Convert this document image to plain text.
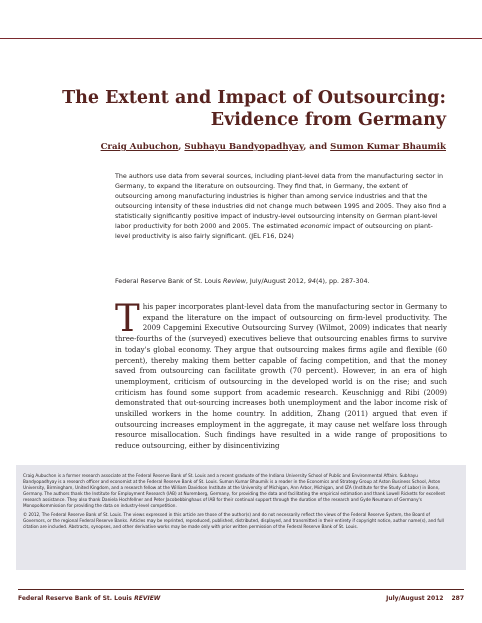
The Extent and Impact of Outsourcing:
Evidence from Germany
Craig Aubuchon, Subhayu Bandyopadhyay, and Sumon Kumar Bhaumik
The authors use data from several sources, including plant-level data from the manufacturing sector in Germany, to expand the literature on outsourcing. They find that, in Germany, the extent of outsourcing among manufacturing industries is higher than among service industries and that the outsourcing intensity of these industries did not change much between 1995 and 2005. They also find a statistically significantly positive impact of industry-level outsourcing intensity on German plant-level labor productivity for both 2000 and 2005. The estimated economic impact of outsourcing on plant-level productivity is also fairly significant. (JEL F16, D24)
Federal Reserve Bank of St. Louis Review, July/August 2012, 94(4), pp. 287-304.
This paper incorporates plant-level data from the manufacturing sector in Germany to expand the literature on the impact of outsourcing on firm-level productivity. The 2009 Capgemini Executive Outsourcing Survey (Wilmot, 2009) indicates that nearly three-fourths of the (surveyed) executives believe that outsourcing enables firms to survive in today's global economy. They argue that outsourcing makes firms agile and flexible (60 percent), thereby making them better capable of facing competition, and that the money saved from outsourcing can facilitate growth (70 percent). However, in an era of high unemployment, criticism of outsourcing in the developed world is on the rise; and such criticism has found some support from academic research. Keuschnigg and Ribi (2009) demonstrated that out-sourcing increases both unemployment and the labor income risk of unskilled workers in the home country. In addition, Zhang (2011) argued that even if outsourcing increases employment in the aggregate, it may cause net welfare loss through resource misallocation. Such findings have resulted in a wide range of propositions to reduce outsourcing, either by disincentivizing

Craig Aubuchon is a former research associate at the Federal Reserve Bank of St. Louis and a recent graduate of the Indiana University School of Public and Environmental Affairs. Subhayu Bandyopadhyay is a research officer and economist at the Federal Reserve Bank of St. Louis. Sumon Kumar Bhaumik is a reader in the Economics and Strategy Group at Aston Business School, Aston University, Birmingham, United Kingdom, and a research fellow at the William Davidson Institute at the University of Michigan, Ann Arbor, Michigan, and IZA (Institute for the Study of Labor) in Bonn, Germany. The authors thank the Institute for Employment Research (IAB) at Nuremberg, Germany, for providing the data and facilitating the empirical estimation and thank Lowell Ricketts for excellent research assistance. They also thank Daniela Hochfellner and Peter Jacobebbinghaus of IAB for their continual support through the duration of the research and Gyde Neumann of Germany's Monopolkommission for providing the data on industry-level competition.

© 2012, The Federal Reserve Bank of St. Louis. The views expressed in this article are those of the author(s) and do not necessarily reflect the views of the Federal Reserve System, the Board of Governors, or the regional Federal Reserve Banks. Articles may be reprinted, reproduced, published, distributed, displayed, and transmitted in their entirety if copyright notice, author name(s), and full citation are included. Abstracts, synopses, and other derivative works may be made only with prior written permission of the Federal Reserve Bank of St. Louis.

Federal Reserve Bank of St. Louis REVIEW	July/August 2012 287
